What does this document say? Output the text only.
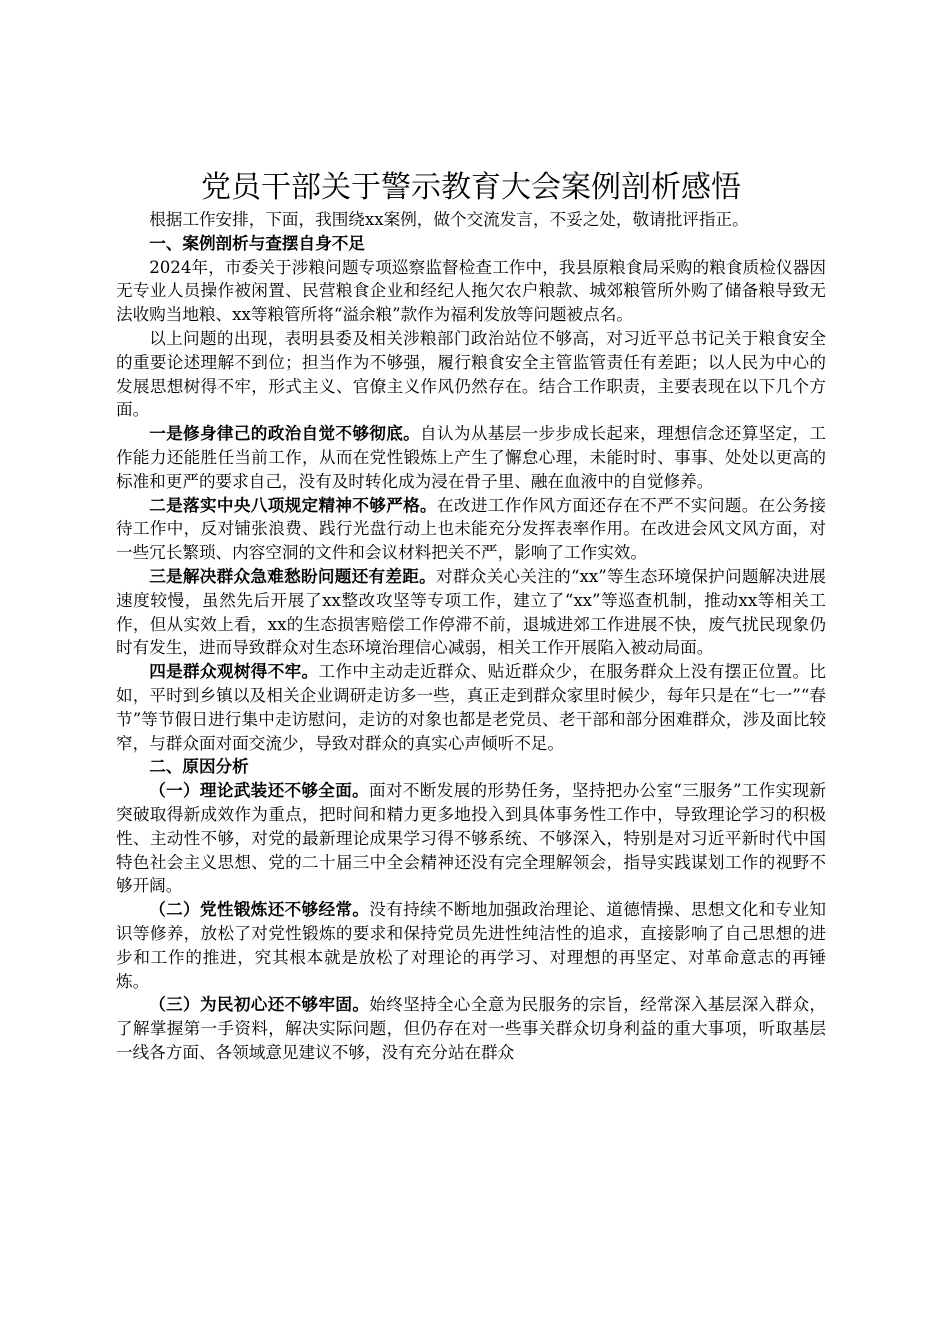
党员干部关于警示教育大会案例剖析感悟

根据工作安排，下面，我围绕xx案例，做个交流发言，不妥之处，敬请批评指正。

一、案例剖析与查摆自身不足

2024年，市委关于涉粮问题专项巡察监督检查工作中，我县原粮食局采购的粮食质检仪器因无专业人员操作被闲置、民营粮食企业和经纪人拖欠农户粮款、城郊粮管所外购了储备粮导致无法收购当地粮、xx等粮管所将“溢余粮”款作为福利发放等问题被点名。

以上问题的出现，表明县委及相关涉粮部门政治站位不够高，对习近平总书记关于粮食安全的重要论述理解不到位；担当作为不够强，履行粮食安全主管监管责任有差距；以人民为中心的发展思想树得不牢，形式主义、官僚主义作风仍然存在。结合工作职责，主要表现在以下几个方面。

一是修身律己的政治自觉不够彻底。自认为从基层一步步成长起来，理想信念还算坚定，工作能力还能胜任当前工作，从而在党性锻炼上产生了懈怠心理，未能时时、事事、处处以更高的标准和更严的要求自己，没有及时转化成为浸在骨子里、融在血液中的自觉修养。

二是落实中央八项规定精神不够严格。在改进工作作风方面还存在不严不实问题。在公务接待工作中，反对铺张浪费、践行光盘行动上也未能充分发挥表率作用。在改进会风文风方面，对一些冗长繁琐、内容空洞的文件和会议材料把关不严，影响了工作实效。

三是解决群众急难愁盼问题还有差距。对群众关心关注的“xx”等生态环境保护问题解决进展速度较慢，虽然先后开展了xx整改攻坚等专项工作，建立了“xx”等巡查机制，推动xx等相关工作，但从实效上看，xx的生态损害赔偿工作停滞不前，退城进郊工作进展不快，废气扰民现象仍时有发生，进而导致群众对生态环境治理信心减弱，相关工作开展陷入被动局面。

四是群众观树得不牢。工作中主动走近群众、贴近群众少，在服务群众上没有摆正位置。比如，平时到乡镇以及相关企业调研走访多一些，真正走到群众家里时候少，每年只是在“七一”“春节”等节假日进行集中走访慰问，走访的对象也都是老党员、老干部和部分困难群众，涉及面比较窄，与群众面对面交流少，导致对群众的真实心声倾听不足。

二、原因分析

（一）理论武装还不够全面。面对不断发展的形势任务，坚持把办公室“三服务”工作实现新突破取得新成效作为重点，把时间和精力更多地投入到具体事务性工作中，导致理论学习的积极性、主动性不够，对党的最新理论成果学习得不够系统、不够深入，特别是对习近平新时代中国特色社会主义思想、党的二十届三中全会精神还没有完全理解领会，指导实践谋划工作的视野不够开阔。

（二）党性锻炼还不够经常。没有持续不断地加强政治理论、道德情操、思想文化和专业知识等修养，放松了对党性锻炼的要求和保持党员先进性纯洁性的追求，直接影响了自己思想的进步和工作的推进，究其根本就是放松了对理论的再学习、对理想的再坚定、对革命意志的再锤炼。

（三）为民初心还不够牢固。始终坚持全心全意为民服务的宗旨，经常深入基层深入群众，了解掌握第一手资料，解决实际问题，但仍存在对一些事关群众切身利益的重大事项，听取基层一线各方面、各领域意见建议不够，没有充分站在群众
